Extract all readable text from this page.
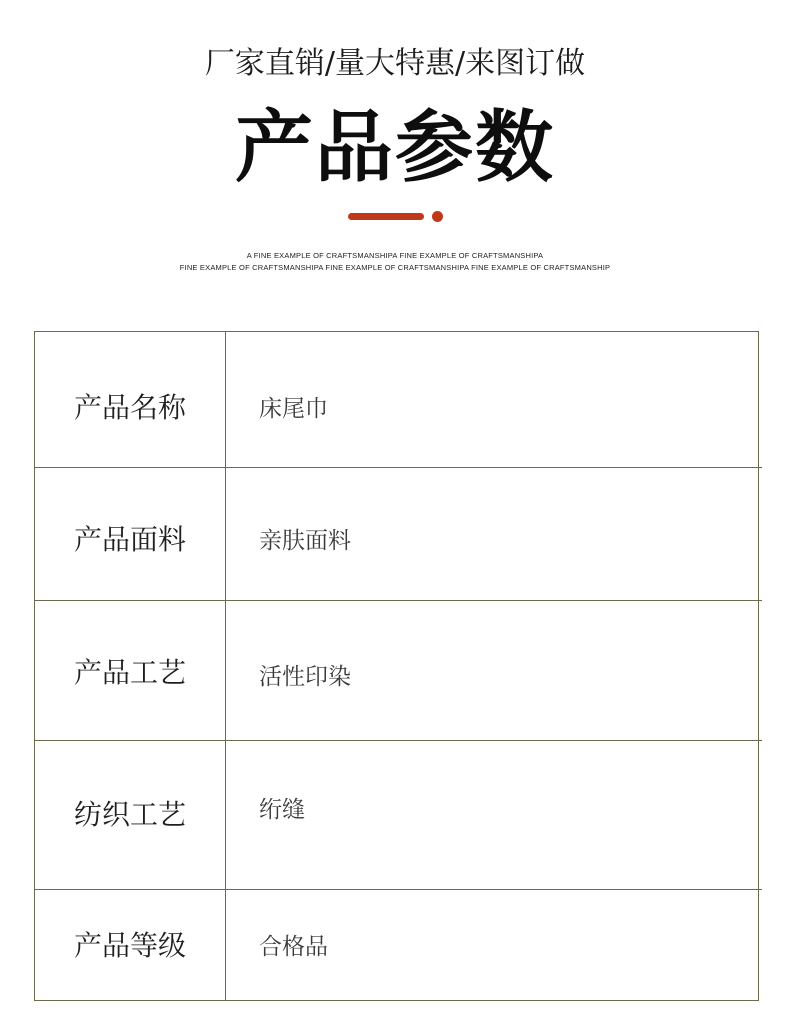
厂家直销/量大特惠/来图订做
产品参数
A FINE EXAMPLE OF CRAFTSMANSHIPA FINE EXAMPLE OF CRAFTSMANSHIPA
FINE EXAMPLE OF CRAFTSMANSHIPA FINE EXAMPLE OF CRAFTSMANSHIPA FINE EXAMPLE OF CRAFTSMANSHIP
产品名称	床尾巾
产品面料	亲肤面料
产品工艺	活性印染
纺织工艺	绗缝
产品等级	合格品
